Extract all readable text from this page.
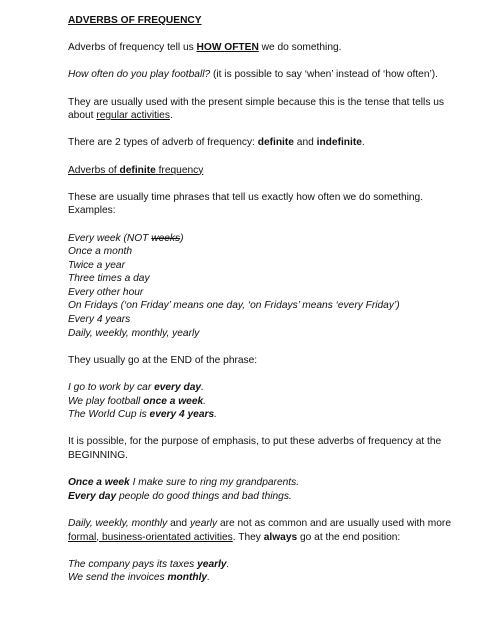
ADVERBS OF FREQUENCY

Adverbs of frequency tell us HOW OFTEN we do something.

How often do you play football? (it is possible to say ‘when’ instead of ‘how often’).

They are usually used with the present simple because this is the tense that tells us about regular activities.

There are 2 types of adverb of frequency: definite and indefinite.

Adverbs of definite frequency

These are usually time phrases that tell us exactly how often we do something. Examples:

Every week (NOT weeks)

Once a month

Twice a year

Three times a day

Every other hour

On Fridays (‘on Friday’ means one day, ‘on Fridays’ means ‘every Friday’)

Every 4 years

Daily, weekly, monthly, yearly

They usually go at the END of the phrase:

I go to work by car every day.

We play football once a week.

The World Cup is every 4 years.

It is possible, for the purpose of emphasis, to put these adverbs of frequency at the BEGINNING.

Once a week I make sure to ring my grandparents.

Every day people do good things and bad things.

Daily, weekly, monthly and yearly are not as common and are usually used with more formal, business-orientated activities. They always go at the end position:

The company pays its taxes yearly.

We send the invoices monthly.
